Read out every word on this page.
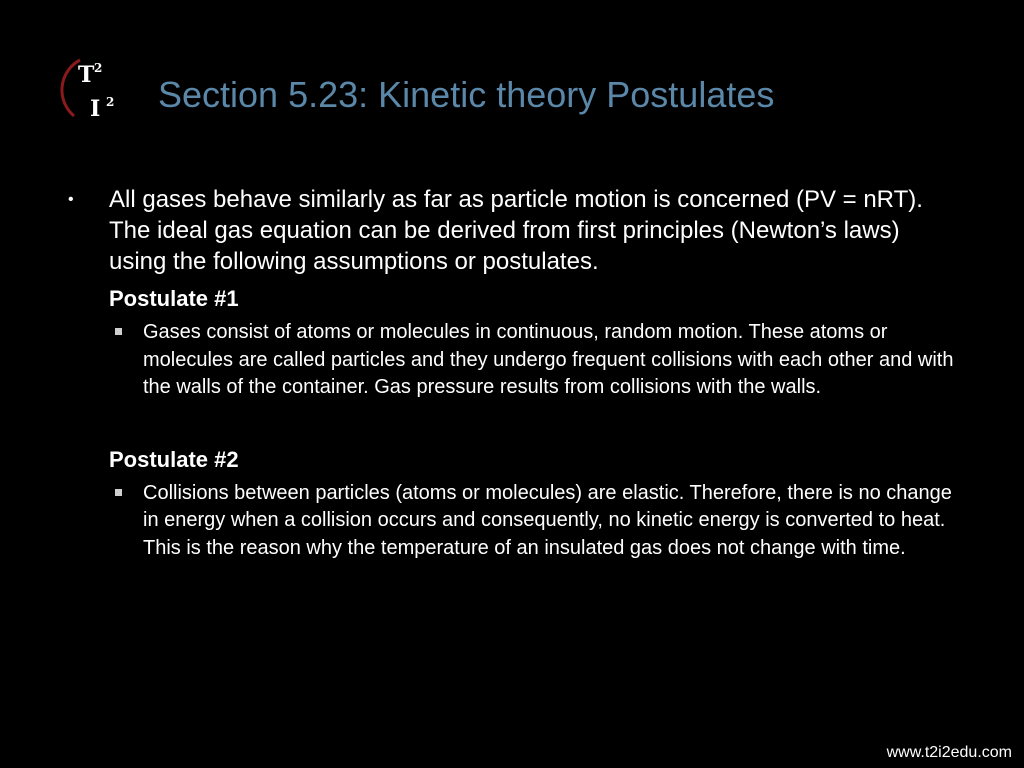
T 2
I 2 Section 5.23: Kinetic theory Postulates
• All gases behave similarly as far as particle motion is concerned (PV = nRT). The ideal gas equation can be derived from first principles (Newton’s laws) using the following assumptions or postulates.
Postulate #1
Gases consist of atoms or molecules in continuous, random motion. These atoms or molecules are called particles and they undergo frequent collisions with each other and with the walls of the container. Gas pressure results from collisions with the walls.
Postulate #2
Collisions between particles (atoms or molecules) are elastic. Therefore, there is no change in energy when a collision occurs and consequently, no kinetic energy is converted to heat. This is the reason why the temperature of an insulated gas does not change with time.
www.t2i2edu.com
